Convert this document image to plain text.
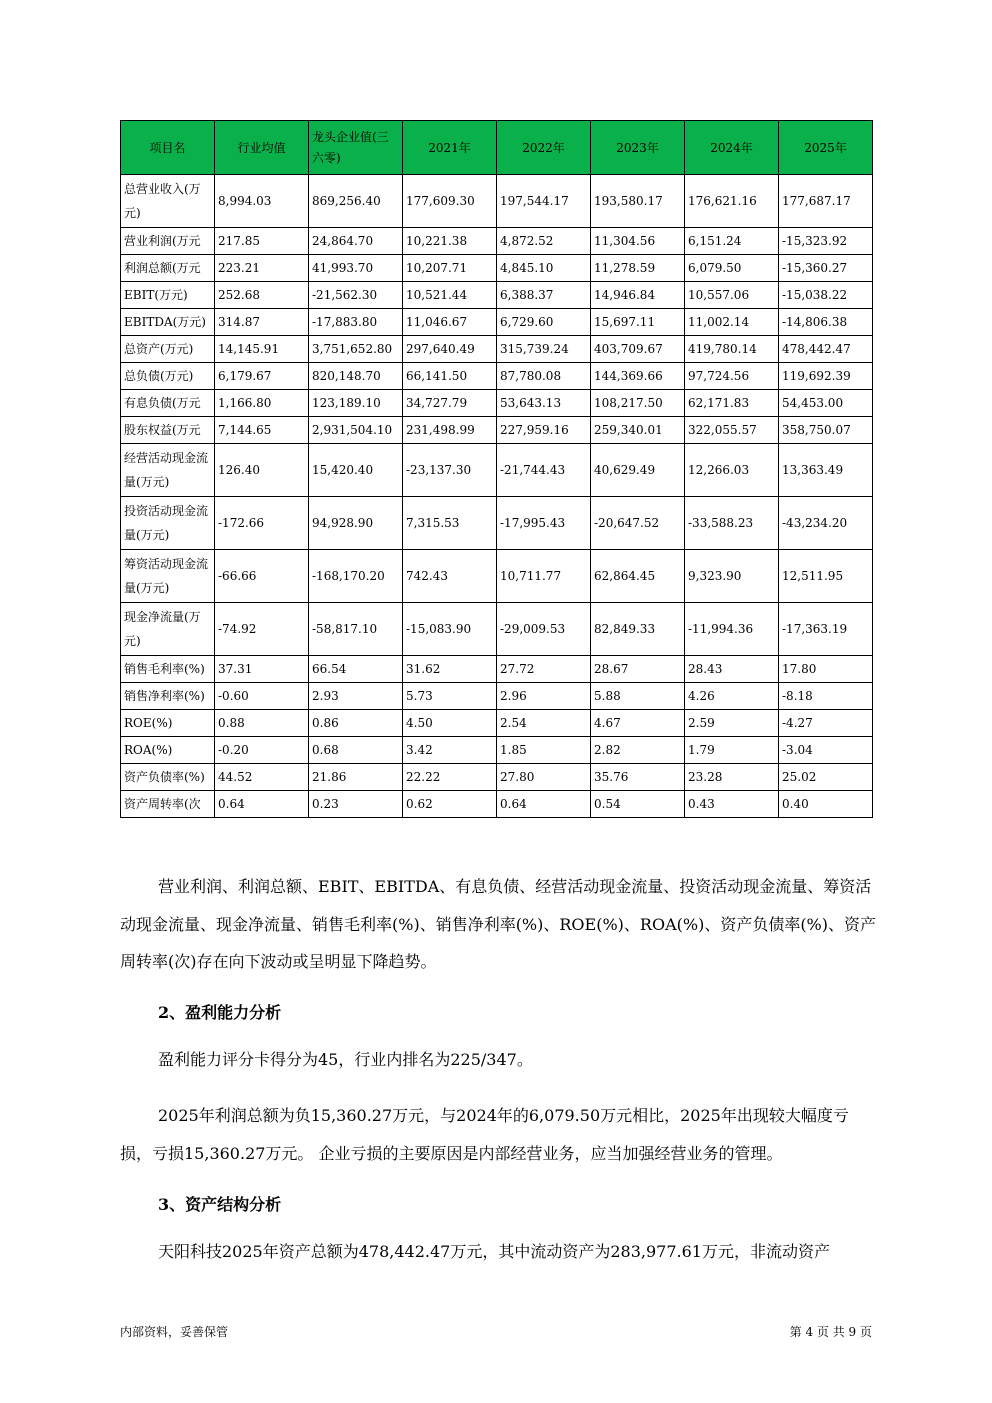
项目名	行业均值	龙头企业值(三六零)	2021年	2022年	2023年	2024年	2025年
总营业收入(万元)	8,994.03	869,256.40	177,609.30	197,544.17	193,580.17	176,621.16	177,687.17
营业利润(万元	217.85	24,864.70	10,221.38	4,872.52	11,304.56	6,151.24	-15,323.92
利润总额(万元	223.21	41,993.70	10,207.71	4,845.10	11,278.59	6,079.50	-15,360.27
EBIT(万元)	252.68	-21,562.30	10,521.44	6,388.37	14,946.84	10,557.06	-15,038.22
EBITDA(万元)	314.87	-17,883.80	11,046.67	6,729.60	15,697.11	11,002.14	-14,806.38
总资产(万元)	14,145.91	3,751,652.80	297,640.49	315,739.24	403,709.67	419,780.14	478,442.47
总负债(万元)	6,179.67	820,148.70	66,141.50	87,780.08	144,369.66	97,724.56	119,692.39
有息负债(万元	1,166.80	123,189.10	34,727.79	53,643.13	108,217.50	62,171.83	54,453.00
股东权益(万元	7,144.65	2,931,504.10	231,498.99	227,959.16	259,340.01	322,055.57	358,750.07
经营活动现金流量(万元)	126.40	15,420.40	-23,137.30	-21,744.43	40,629.49	12,266.03	13,363.49
投资活动现金流量(万元)	-172.66	94,928.90	7,315.53	-17,995.43	-20,647.52	-33,588.23	-43,234.20
筹资活动现金流量(万元)	-66.66	-168,170.20	742.43	10,711.77	62,864.45	9,323.90	12,511.95
现金净流量(万元)	-74.92	-58,817.10	-15,083.90	-29,009.53	82,849.33	-11,994.36	-17,363.19
销售毛利率(%)	37.31	66.54	31.62	27.72	28.67	28.43	17.80
销售净利率(%)	-0.60	2.93	5.73	2.96	5.88	4.26	-8.18
ROE(%)	0.88	0.86	4.50	2.54	4.67	2.59	-4.27
ROA(%)	-0.20	0.68	3.42	1.85	2.82	1.79	-3.04
资产负债率(%)	44.52	21.86	22.22	27.80	35.76	23.28	25.02
资产周转率(次	0.64	0.23	0.62	0.64	0.54	0.43	0.40

营业利润、利润总额、EBIT、EBITDA、有息负债、经营活动现金流量、投资活动现金流量、筹资活动现金流量、现金净流量、销售毛利率(%)、销售净利率(%)、ROE(%)、ROA(%)、资产负债率(%)、资产周转率(次)存在向下波动或呈明显下降趋势。

2、盈利能力分析

盈利能力评分卡得分为45，行业内排名为225/347。

2025年利润总额为负15,360.27万元，与2024年的6,079.50万元相比，2025年出现较大幅度亏损，亏损15,360.27万元。 企业亏损的主要原因是内部经营业务，应当加强经营业务的管理。

3、资产结构分析

天阳科技2025年资产总额为478,442.47万元，其中流动资产为283,977.61万元，非流动资产

内部资料，妥善保管	第 4 页 共 9 页
